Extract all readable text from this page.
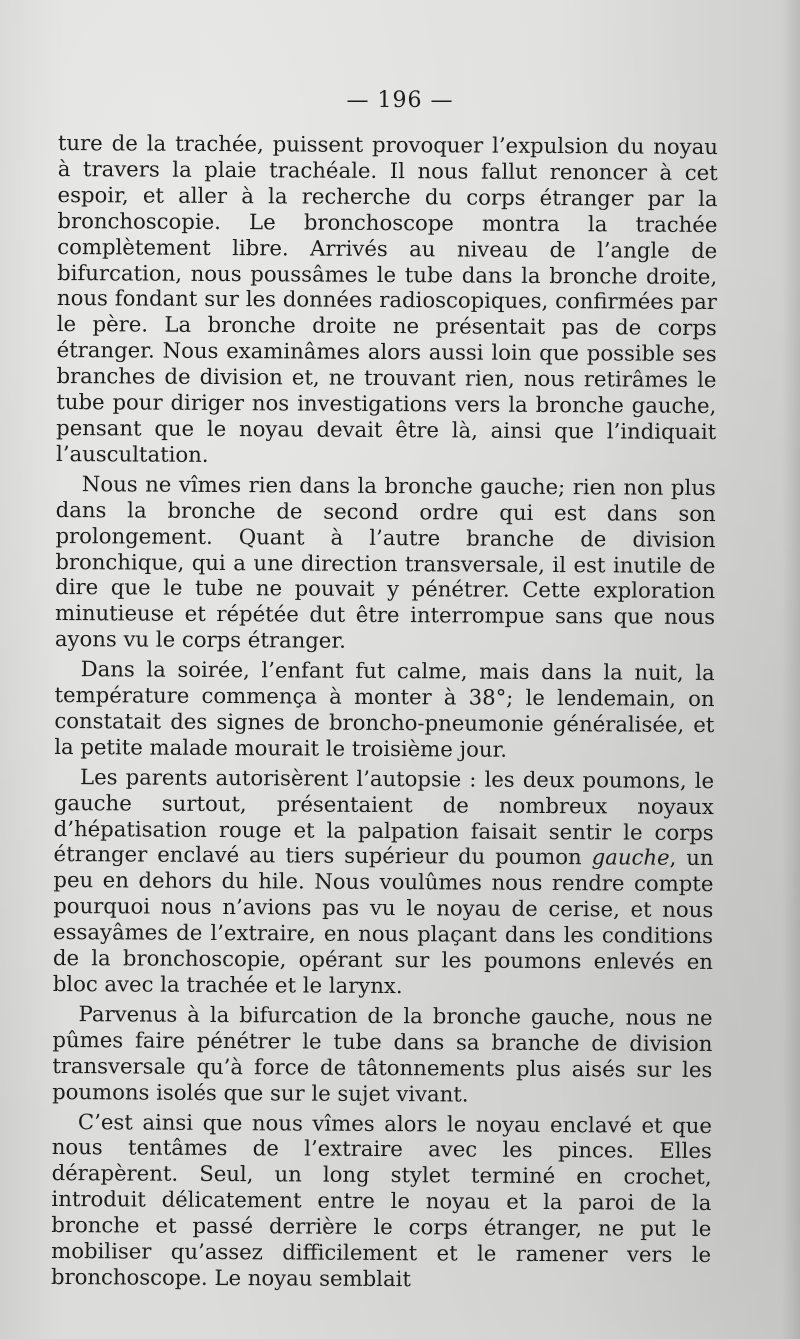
— 196 —

ture de la trachée, puissent provoquer l’expulsion du noyau à travers la plaie trachéale. Il nous fallut renoncer à cet espoir, et aller à la recherche du corps étranger par la bronchoscopie. Le bronchoscope montra la trachée complètement libre. Arrivés au niveau de l’angle de bifurcation, nous poussâmes le tube dans la bronche droite, nous fondant sur les données radioscopiques, confirmées par le père. La bronche droite ne présentait pas de corps étranger. Nous examinâmes alors aussi loin que possible ses branches de division et, ne trouvant rien, nous retirâmes le tube pour diriger nos investigations vers la bronche gauche, pensant que le noyau devait être là, ainsi que l’indiquait l’auscultation.

Nous ne vîmes rien dans la bronche gauche; rien non plus dans la bronche de second ordre qui est dans son prolongement. Quant à l’autre branche de division bronchique, qui a une direction transversale, il est inutile de dire que le tube ne pouvait y pénétrer. Cette exploration minutieuse et répétée dut être interrompue sans que nous ayons vu le corps étranger.

Dans la soirée, l’enfant fut calme, mais dans la nuit, la température commença à monter à 38°; le lendemain, on constatait des signes de broncho-pneumonie généralisée, et la petite malade mourait le troisième jour.

Les parents autorisèrent l’autopsie : les deux poumons, le gauche surtout, présentaient de nombreux noyaux d’hépatisation rouge et la palpation faisait sentir le corps étranger enclavé au tiers supérieur du poumon gauche, un peu en dehors du hile. Nous voulûmes nous rendre compte pourquoi nous n’avions pas vu le noyau de cerise, et nous essayâmes de l’extraire, en nous plaçant dans les conditions de la bronchoscopie, opérant sur les poumons enlevés en bloc avec la trachée et le larynx.

Parvenus à la bifurcation de la bronche gauche, nous ne pûmes faire pénétrer le tube dans sa branche de division transversale qu’à force de tâtonnements plus aisés sur les poumons isolés que sur le sujet vivant.

C’est ainsi que nous vîmes alors le noyau enclavé et que nous tentâmes de l’extraire avec les pinces. Elles dérapèrent. Seul, un long stylet terminé en crochet, introduit délicatement entre le noyau et la paroi de la bronche et passé derrière le corps étranger, ne put le mobiliser qu’assez difficilement et le ramener vers le bronchoscope. Le noyau semblait
